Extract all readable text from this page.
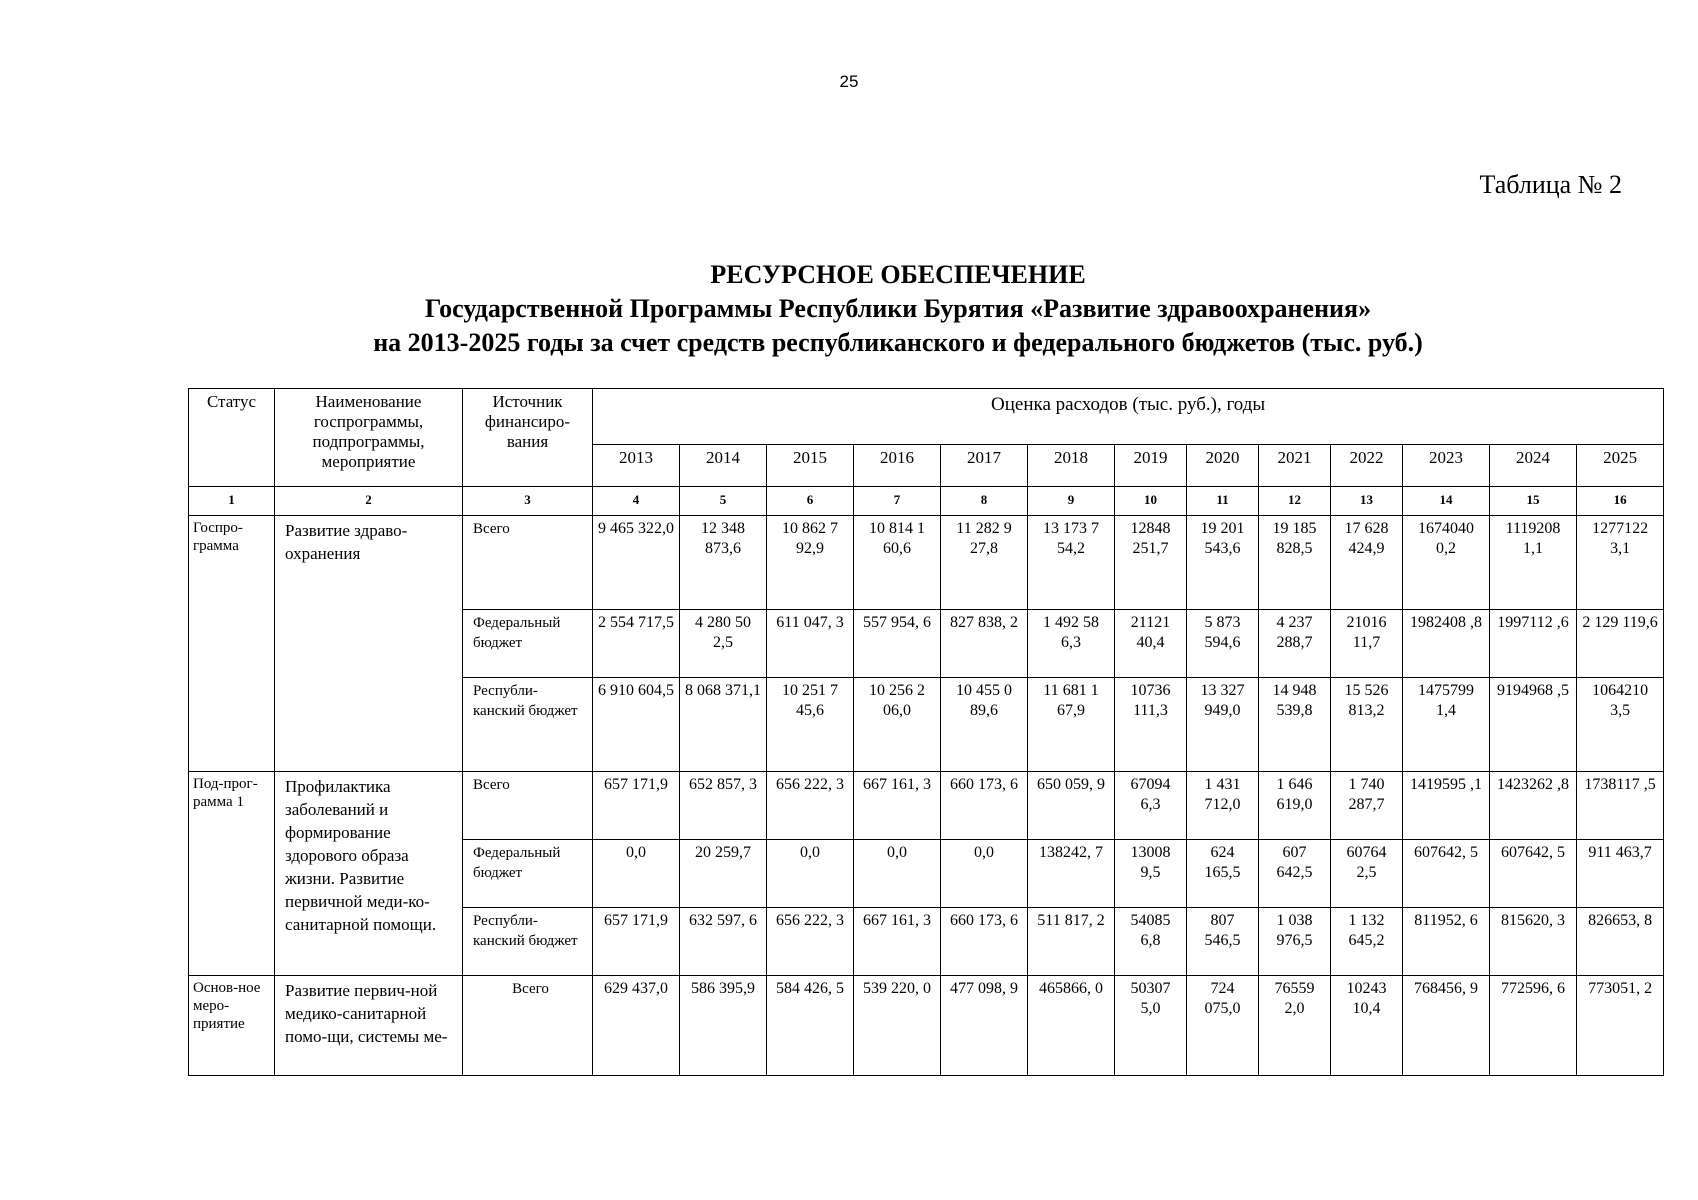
25
Таблица № 2
РЕСУРСНОЕ ОБЕСПЕЧЕНИЕ
Государственной Программы Республики Бурятия «Развитие здравоохранения»
на 2013-2025 годы за счет средств республиканского и федерального бюджетов (тыс. руб.)
Статус	Наименование госпрограммы, подпрограммы, мероприятие	Источник финансиро-вания	Оценка расходов (тыс. руб.), годы												
			2013	2014	2015	2016	2017	2018	2019	2020	2021	2022	2023	2024	2025
1	2	3	4	5	6	7	8	9	10	11	12	13	14	15	16
Госпро-грамма	Развитие здраво-охранения	Всего	9 465 322,0	12 348 873,6	10 862 7 92,9	10 814 1 60,6	11 282 9 27,8	13 173 7 54,2	12848 251,7	19 201 543,6	19 185 828,5	17 628 424,9	1674040 0,2	1119208 1,1	1277122 3,1
		Федеральный бюджет	2 554 717,5	4 280 50 2,5	611 047, 3	557 954, 6	827 838, 2	1 492 58 6,3	21121 40,4	5 873 594,6	4 237 288,7	21016 11,7	1982408 ,8	1997112 ,6	2 129 119,6
		Республи-канский бюджет	6 910 604,5	8 068 371,1	10 251 7 45,6	10 256 2 06,0	10 455 0 89,6	11 681 1 67,9	10736 111,3	13 327 949,0	14 948 539,8	15 526 813,2	1475799 1,4	9194968 ,5	1064210 3,5
Под-прог-рамма 1	Профилактика заболеваний и формирование здорового образа жизни. Развитие первичной меди-ко-санитарной помощи.	Всего	657 171,9	652 857, 3	656 222, 3	667 161, 3	660 173, 6	650 059, 9	67094 6,3	1 431 712,0	1 646 619,0	1 740 287,7	1419595 ,1	1423262 ,8	1738117 ,5
		Федеральный бюджет	0,0	20 259,7	0,0	0,0	0,0	138242, 7	13008 9,5	624 165,5	607 642,5	60764 2,5	607642, 5	607642, 5	911 463,7
		Республи-канский бюджет	657 171,9	632 597, 6	656 222, 3	667 161, 3	660 173, 6	511 817, 2	54085 6,8	807 546,5	1 038 976,5	1 132 645,2	811952, 6	815620, 3	826653, 8
Основ-ное меро-приятие	Развитие первич-ной медико-санитарной помо-щи, системы ме-	Всего	629 437,0	586 395,9	584 426, 5	539 220, 0	477 098, 9	465866, 0	50307 5,0	724 075,0	76559 2,0	10243 10,4	768456, 9	772596, 6	773051, 2
